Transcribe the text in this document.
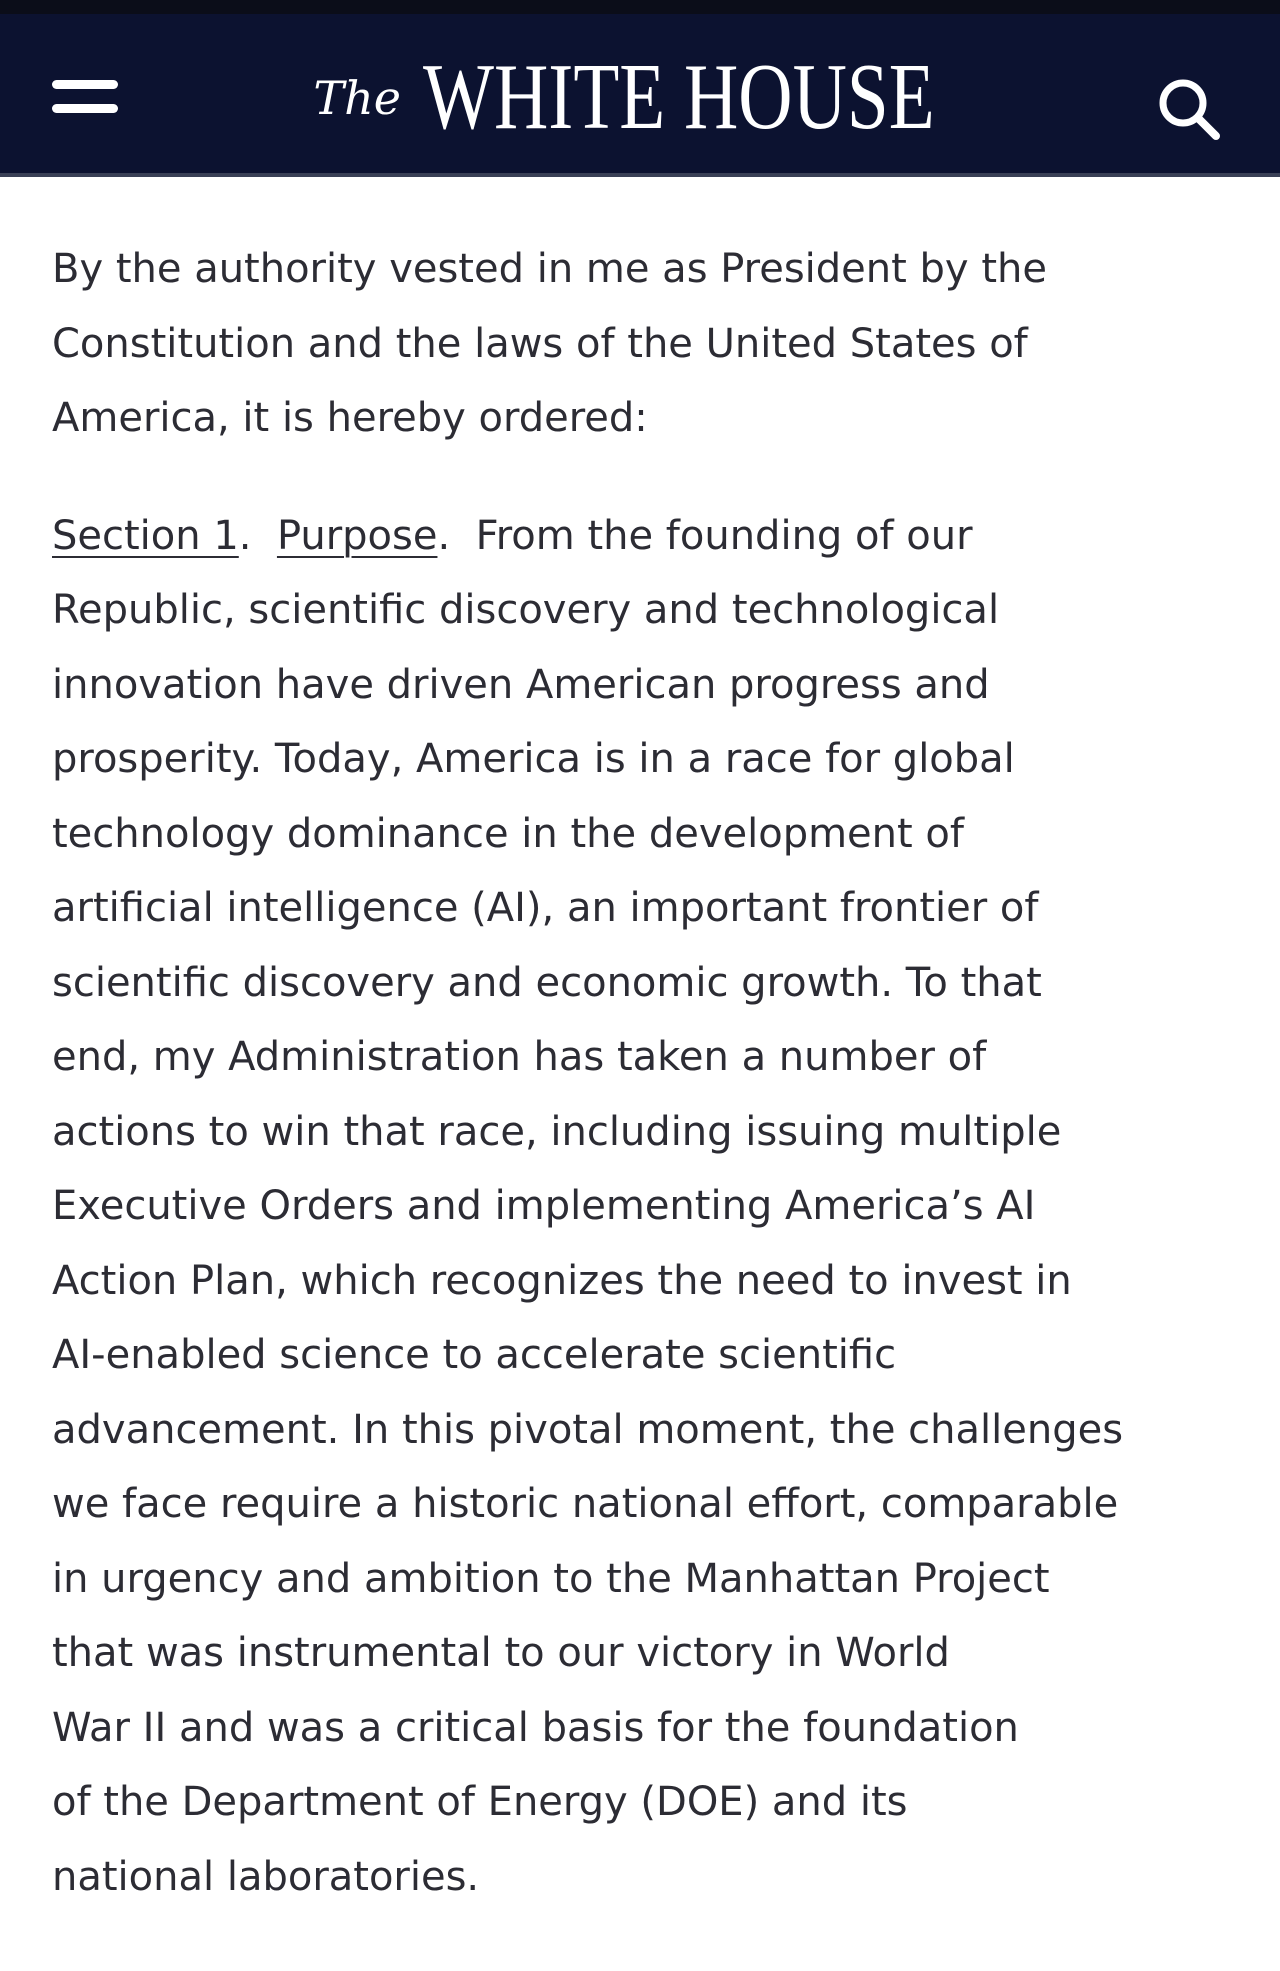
The WHITE HOUSE

By the authority vested in me as President by the
Constitution and the laws of the United States of
America, it is hereby ordered:

Section 1.  Purpose.  From the founding of our
Republic, scientific discovery and technological
innovation have driven American progress and
prosperity. Today, America is in a race for global
technology dominance in the development of
artificial intelligence (AI), an important frontier of
scientific discovery and economic growth. To that
end, my Administration has taken a number of
actions to win that race, including issuing multiple
Executive Orders and implementing America’s AI
Action Plan, which recognizes the need to invest in
AI-enabled science to accelerate scientific
advancement. In this pivotal moment, the challenges
we face require a historic national effort, comparable
in urgency and ambition to the Manhattan Project
that was instrumental to our victory in World
War II and was a critical basis for the foundation
of the Department of Energy (DOE) and its
national laboratories.
